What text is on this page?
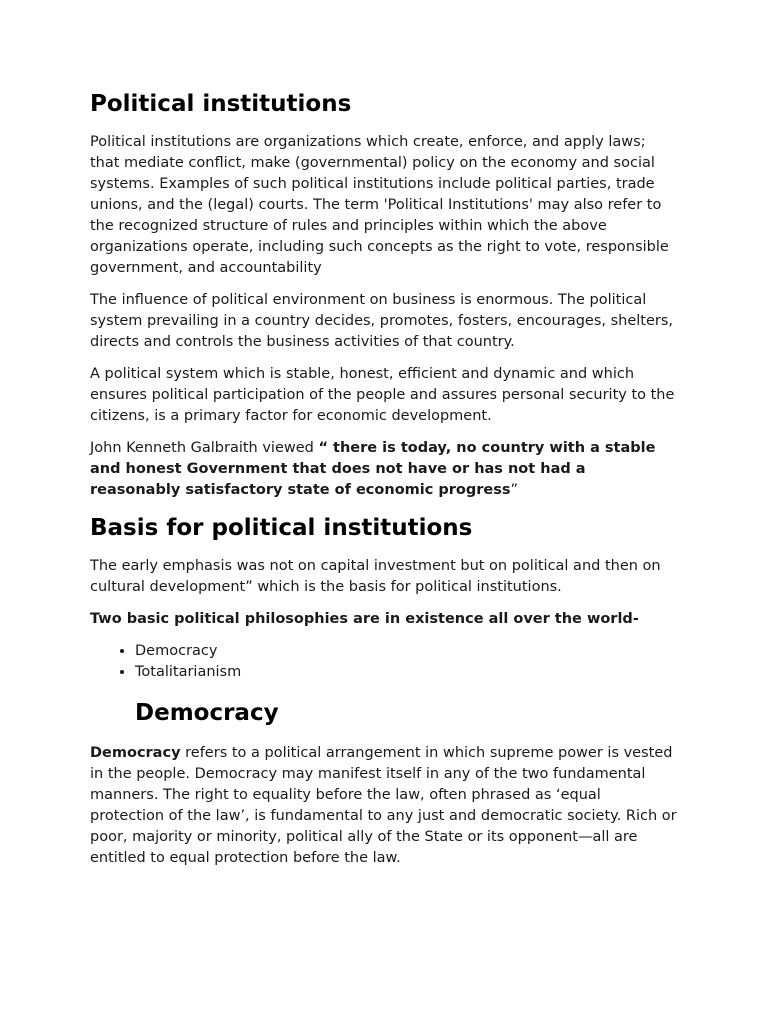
Political institutions

Political institutions are organizations which create, enforce, and apply laws; that mediate conflict, make (governmental) policy on the economy and social systems. Examples of such political institutions include political parties, trade unions, and the (legal) courts. The term 'Political Institutions' may also refer to the recognized structure of rules and principles within which the above organizations operate, including such concepts as the right to vote, responsible government, and accountability

The influence of political environment on business is enormous. The political system prevailing in a country decides, promotes, fosters, encourages, shelters, directs and controls the business activities of that country.

A political system which is stable, honest, efficient and dynamic and which ensures political participation of the people and assures personal security to the citizens, is a primary factor for economic development.

John Kenneth Galbraith viewed “ there is today, no country with a stable and honest Government that does not have or has not had a reasonably satisfactory state of economic progress”

Basis for political institutions

The early emphasis was not on capital investment but on political and then on cultural development” which is the basis for political institutions.

Two basic political philosophies are in existence all over the world-

• Democracy
• Totalitarianism
Democracy

Democracy refers to a political arrangement in which supreme power is vested in the people. Democracy may manifest itself in any of the two fundamental manners. The right to equality before the law, often phrased as ‘equal protection of the law’, is fundamental to any just and democratic society. Rich or poor, majority or minority, political ally of the State or its opponent—all are entitled to equal protection before the law.
